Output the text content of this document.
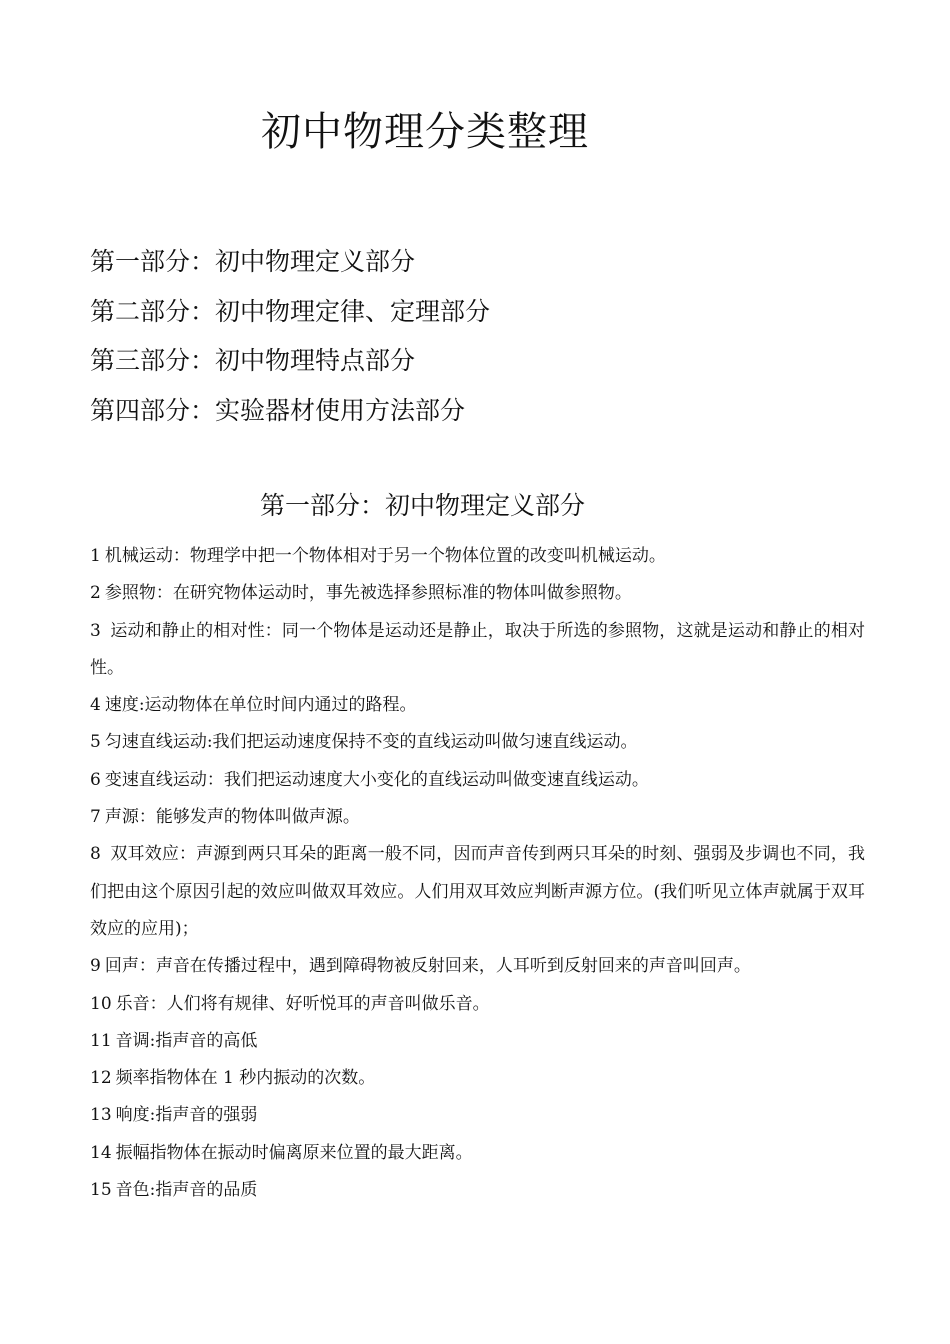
初中物理分类整理
第一部分：初中物理定义部分
第二部分：初中物理定律、定理部分
第三部分：初中物理特点部分
第四部分：实验器材使用方法部分
第一部分：初中物理定义部分
1 机械运动：物理学中把一个物体相对于另一个物体位置的改变叫机械运动。
2 参照物：在研究物体运动时，事先被选择参照标准的物体叫做参照物。
3 运动和静止的相对性：同一个物体是运动还是静止，取决于所选的参照物，这就是运动和静止的相对性。
4 速度:运动物体在单位时间内通过的路程。
5 匀速直线运动:我们把运动速度保持不变的直线运动叫做匀速直线运动。
6 变速直线运动：我们把运动速度大小变化的直线运动叫做变速直线运动。
7 声源：能够发声的物体叫做声源。
8 双耳效应：声源到两只耳朵的距离一般不同，因而声音传到两只耳朵的时刻、强弱及步调也不同，我们把由这个原因引起的效应叫做双耳效应。人们用双耳效应判断声源方位。(我们听见立体声就属于双耳效应的应用)；
9 回声：声音在传播过程中，遇到障碍物被反射回来，人耳听到反射回来的声音叫回声。
10 乐音：人们将有规律、好听悦耳的声音叫做乐音。
11 音调:指声音的高低
12 频率指物体在 1 秒内振动的次数。
13 响度:指声音的强弱
14 振幅指物体在振动时偏离原来位置的最大距离。
15 音色:指声音的品质
